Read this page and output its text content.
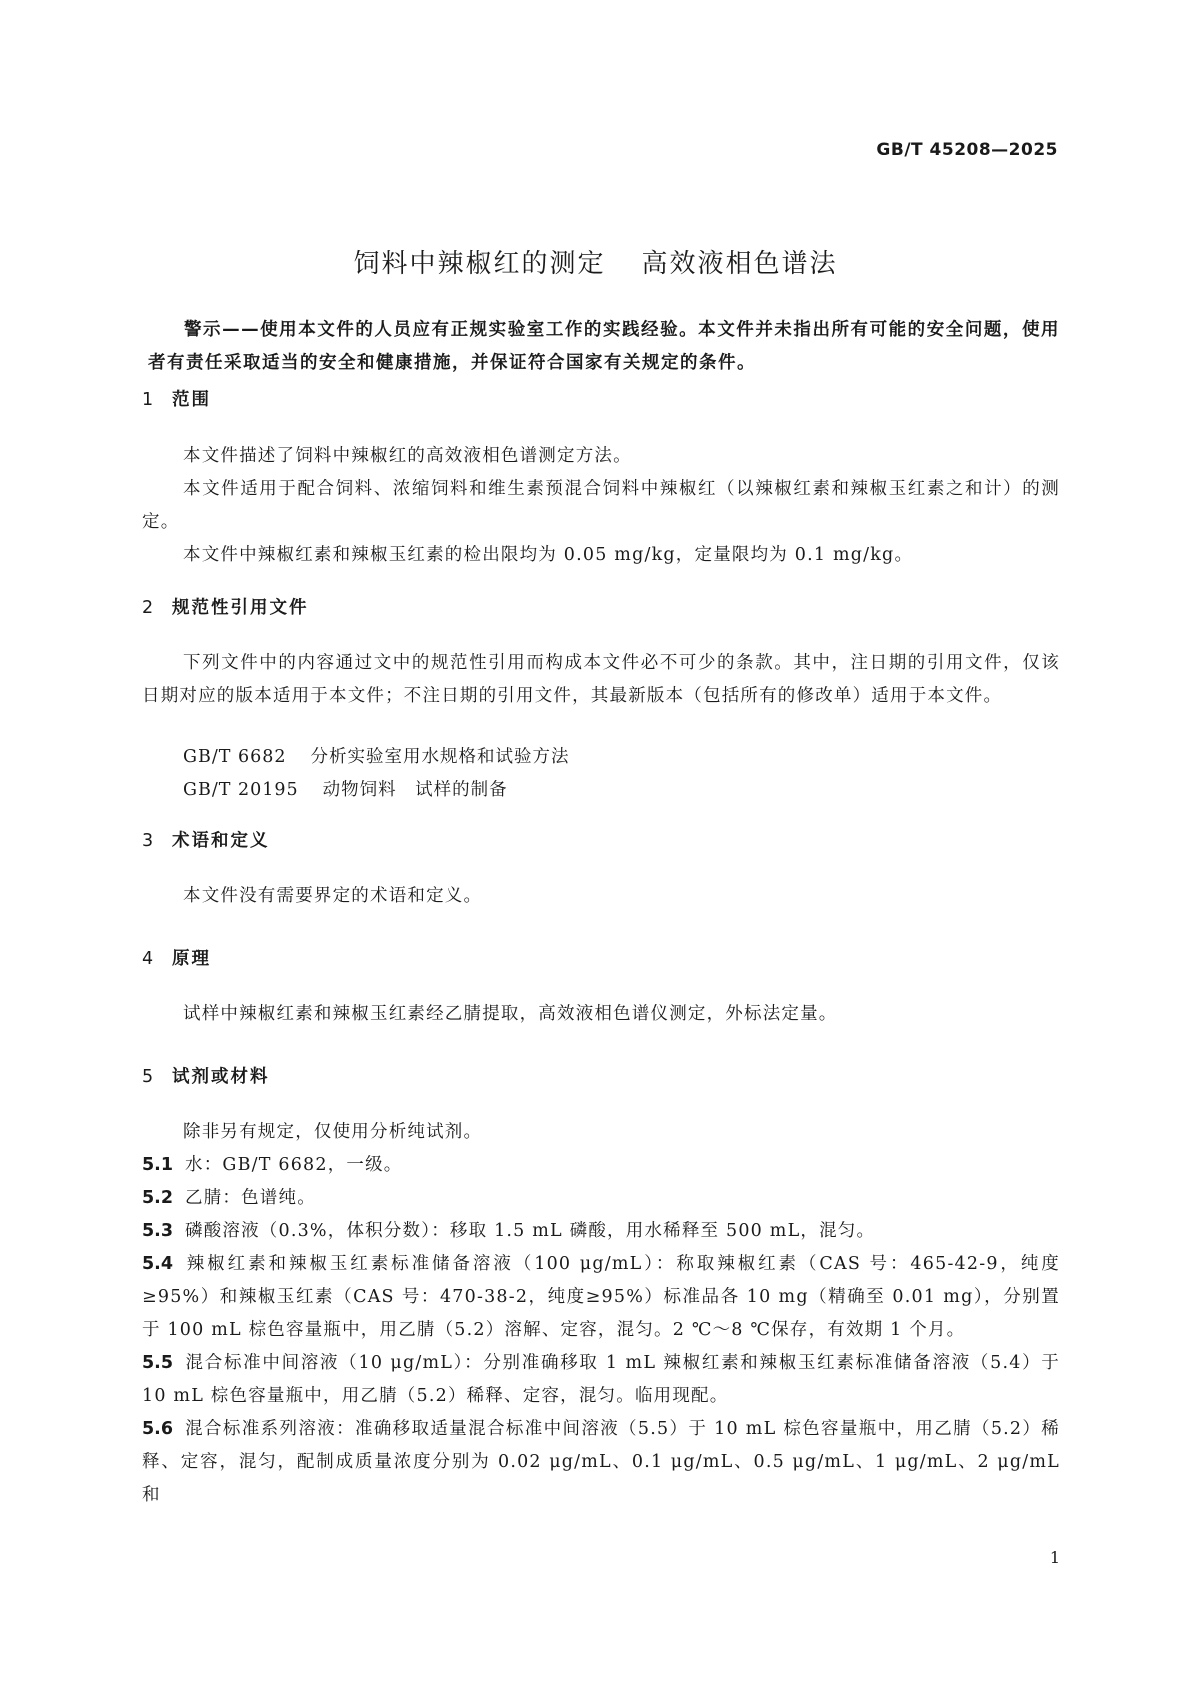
GB/T 45208—2025
饲料中辣椒红的测定 高效液相色谱法
警示——使用本文件的人员应有正规实验室工作的实践经验。本文件并未指出所有可能的安全问题，使用者有责任采取适当的安全和健康措施，并保证符合国家有关规定的条件。
1 范围
本文件描述了饲料中辣椒红的高效液相色谱测定方法。
本文件适用于配合饲料、浓缩饲料和维生素预混合饲料中辣椒红（以辣椒红素和辣椒玉红素之和计）的测定。
本文件中辣椒红素和辣椒玉红素的检出限均为 0.05 mg/kg，定量限均为 0.1 mg/kg。
2 规范性引用文件
下列文件中的内容通过文中的规范性引用而构成本文件必不可少的条款。其中，注日期的引用文件，仅该日期对应的版本适用于本文件；不注日期的引用文件，其最新版本（包括所有的修改单）适用于本文件。
GB/T 6682 分析实验室用水规格和试验方法
GB/T 20195 动物饲料　试样的制备
3 术语和定义
本文件没有需要界定的术语和定义。
4 原理
试样中辣椒红素和辣椒玉红素经乙腈提取，高效液相色谱仪测定，外标法定量。
5 试剂或材料
除非另有规定，仅使用分析纯试剂。
5.1 水：GB/T 6682，一级。
5.2 乙腈：色谱纯。
5.3 磷酸溶液（0.3%，体积分数）：移取 1.5 mL 磷酸，用水稀释至 500 mL，混匀。
5.4 辣椒红素和辣椒玉红素标准储备溶液（100 μg/mL）：称取辣椒红素（CAS 号：465-42-9，纯度≥95%）和辣椒玉红素（CAS 号：470-38-2，纯度≥95%）标准品各 10 mg（精确至 0.01 mg），分别置于 100 mL 棕色容量瓶中，用乙腈（5.2）溶解、定容，混匀。2 ℃～8 ℃保存，有效期 1 个月。
5.5 混合标准中间溶液（10 μg/mL）：分别准确移取 1 mL 辣椒红素和辣椒玉红素标准储备溶液（5.4）于 10 mL 棕色容量瓶中，用乙腈（5.2）稀释、定容，混匀。临用现配。
5.6 混合标准系列溶液：准确移取适量混合标准中间溶液（5.5）于 10 mL 棕色容量瓶中，用乙腈（5.2）稀释、定容，混匀，配制成质量浓度分别为 0.02 μg/mL、0.1 μg/mL、0.5 μg/mL、1 μg/mL、2 μg/mL 和
1
